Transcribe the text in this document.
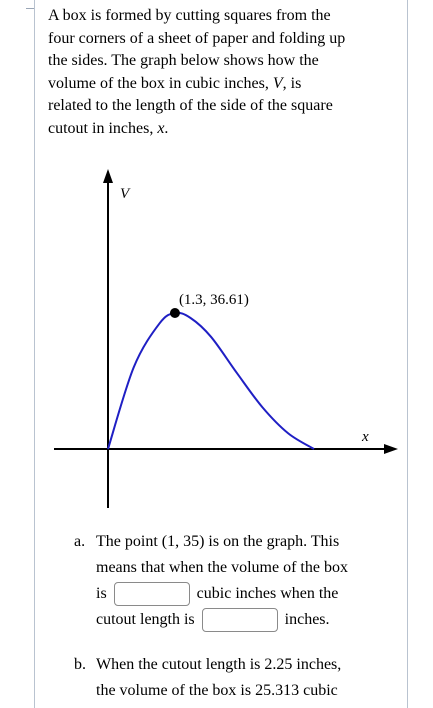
A box is formed by cutting squares from the
four corners of a sheet of paper and folding up
the sides. The graph below shows how the
volume of the box in cubic inches, V, is
related to the length of the side of the square
cutout in inches, x.

V
x
(1.3, 36.61)
a. The point (1, 35) is on the graph. This
means that when the volume of the box
is	cubic inches when the
cutout length is	inches.

b. When the cutout length is 2.25 inches,
the volume of the box is 25.313 cubic
